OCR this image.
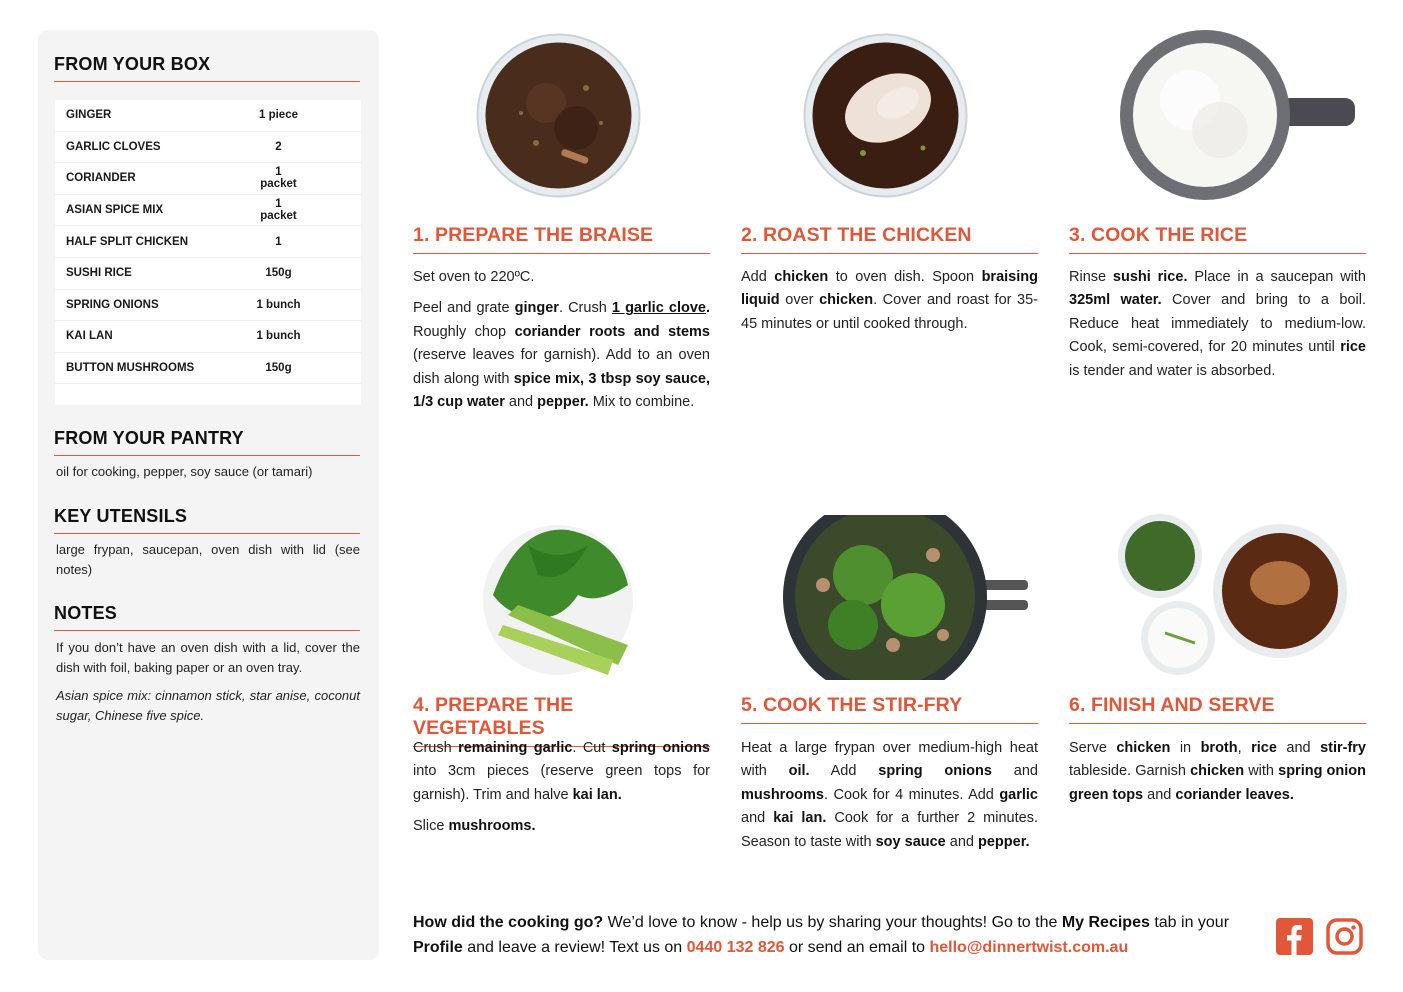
FROM YOUR BOX
GINGER	1 piece
GARLIC CLOVES	2
CORIANDER	1 packet
ASIAN SPICE MIX	1 packet
HALF SPLIT CHICKEN	1
SUSHI RICE	150g
SPRING ONIONS	1 bunch
KAI LAN	1 bunch
BUTTON MUSHROOMS	150g
FROM YOUR PANTRY
oil for cooking, pepper, soy sauce (or tamari)
KEY UTENSILS
large frypan, saucepan, oven dish with lid (see notes)
NOTES
If you don’t have an oven dish with a lid, cover the dish with foil, baking paper or an oven tray.
Asian spice mix: cinnamon stick, star anise, coconut sugar, Chinese five spice.
1. PREPARE THE BRAISE

Set oven to 220ºC.

Peel and grate ginger. Crush 1 garlic clove. Roughly chop coriander roots and stems (reserve leaves for garnish). Add to an oven dish along with spice mix, 3 tbsp soy sauce, 1/3 cup water and pepper. Mix to combine.

2. ROAST THE CHICKEN

Add chicken to oven dish. Spoon braising liquid over chicken. Cover and roast for 35-45 minutes or until cooked through.

3. COOK THE RICE

Rinse sushi rice. Place in a saucepan with 325ml water. Cover and bring to a boil. Reduce heat immediately to medium-low. Cook, semi-covered, for 20 minutes until rice is tender and water is absorbed.

4. PREPARE THE VEGETABLES

Crush remaining garlic. Cut spring onions into 3cm pieces (reserve green tops for garnish). Trim and halve kai lan.

Slice mushrooms.

5. COOK THE STIR-FRY

Heat a large frypan over medium-high heat with oil. Add spring onions and mushrooms. Cook for 4 minutes. Add garlic and kai lan. Cook for a further 2 minutes. Season to taste with soy sauce and pepper.

6. FINISH AND SERVE

Serve chicken in broth, rice and stir-fry tableside. Garnish chicken with spring onion green tops and coriander leaves.

How did the cooking go? We’d love to know - help us by sharing your thoughts! Go to the My Recipes tab in your Profile and leave a review! Text us on 0440 132 826 or send an email to hello@dinnertwist.com.au
